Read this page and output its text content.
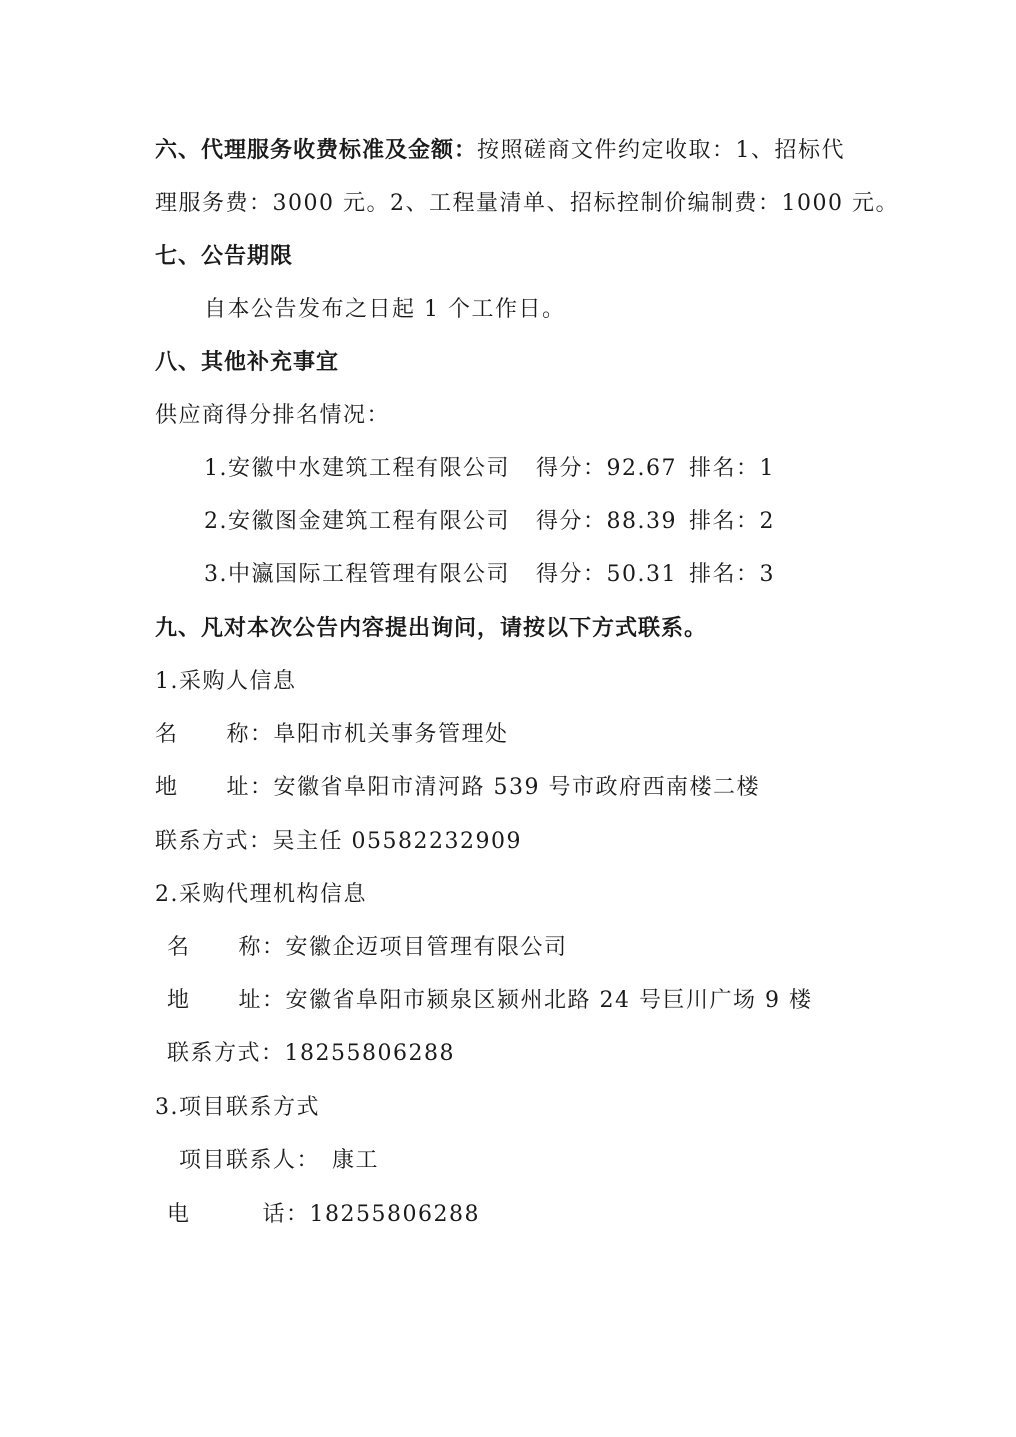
六、代理服务收费标准及金额：按照磋商文件约定收取：1、招标代
理服务费：3000 元。2、工程量清单、招标控制价编制费：1000 元。
七、公告期限
自本公告发布之日起 1 个工作日。
八、其他补充事宜
供应商得分排名情况：
1.安徽中水建筑工程有限公司 得分：92.67 排名：1
2.安徽图金建筑工程有限公司 得分：88.39 排名：2
3.中瀛国际工程管理有限公司 得分：50.31 排名：3
九、凡对本次公告内容提出询问，请按以下方式联系。
1.采购人信息
名 称：阜阳市机关事务管理处
地 址：安徽省阜阳市清河路 539 号市政府西南楼二楼
联系方式：吴主任 05582232909
2.采购代理机构信息
名 称：安徽企迈项目管理有限公司
地 址：安徽省阜阳市颍泉区颍州北路 24 号巨川广场 9 楼
联系方式：18255806288
3.项目联系方式
项目联系人： 康工
电	话：18255806288
